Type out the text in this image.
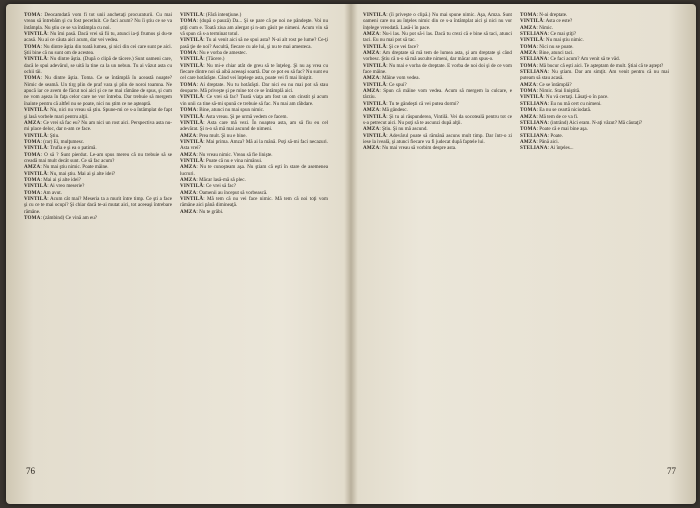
TOMA: Deocamdată vom fi tot unii anchetaţi procuraturii. Cu mai vreau să întrebăm şi cu fost pecetluit. Ce faci acum? Nu îi ştiu ce se va întâmpla. Nu ştiu ce se va întâmpla cu noi.

VINTILĂ: Nu îmi pasă. Dacă vrei să fii tu, atunci ia-ţi frumos şi du-te acasă. Nu ai ce căuta aici acum, dar vei vedea.

TOMA: Nu dintre ăştia din toată lumea, şi nici din cei care sunt pe aici. Ştii bine că nu sunt om de acestea.

VINTILĂ: Nu dintre ăştia. (După o clipă de tăcere.) Sunt oameni care, dacă le spui adevărul, se uită la tine ca la un nebun. Tu ai văzut asta cu ochii tăi.

TOMA: Nu dintre ăştia. Toma. Ce se întâmplă în această noapte? Nimic de seamă. Un tirg plin de praf vara şi plin de noroi toamna. Ne apucă iar ce avem de făcut noi aici şi ce ne mai rămâne de spus, şi cum ne vom aşeza în faţa celor care ne vor întreba. Dar trebuie să mergem înainte pentru că altfel nu se poate, nici nu ştim ce ne aşteaptă.

VINTILĂ: Nu, nici nu vreau să ştiu. Spune-mi ce s-a întâmplat de fapt şi lasă vorbele mari pentru alţii.

AMZA: Ce vrei să fac eu? Nu am nici un rost aici. Perspectiva asta nu-mi place deloc, dar n-am ce face.

VINTILĂ: Ştiu.

TOMA: (rar) Ei, mulţumesc.

VINTILĂ: Trufia e şi ea o patimă.

TOMA: O să ? Sunt pierdut. Le-am spus mereu că nu trebuie să se creadă mai mult decât sunt. Ce să fac acum?

AMZA: Nu mai ştiu nimic. Poate mâine.

VINTILĂ: Nu, mai ştiu. Mai ai şi alte idei?

TOMA: Mai ai şi alte idei?

VINTILĂ: Ai vreo meserie?

TOMA: Am avut.

VINTILĂ: Acum cât mai? Meseria ta a murit între timp. Ce şti a face şi cu ce te mai ocupi? Şi chiar dacă te-ai mutat aici, tot aceeaşi întrebare rămâne.

TOMA: (zâmbind) Ce vină am eu?

VINTILĂ: (Fără intenţiune.)

TOMA: (după o pauză) Da... Şi se pare că pe noi ne pândeşte. Voi nu ştiţi cum e. Toată ziua am alergat şi n-am găsit pe nimeni. Acum vin să vă spun că s-a terminat totul.

VINTILĂ: Tu ai venit aici să ne spui asta? N-ai alt rost pe lume? Ce-ţi pasă ţie de noi? Ascultă, fiecare cu ale lui, şi nu te mai amesteca.

TOMA: Nu e vorba de amestec.

VINTILĂ: (Tăcere.)

VINTILĂ: Nu mi-e chiar atât de greu să te înţeleg. Şi nu aş vrea cu fiecare dintre noi să aibă aceeaşi soartă. Dar ce pot eu să fac? Nu sunt eu cel care hotărăşte. Când vei înţelege asta, poate vei fi mai liniştit.

TOMA: Ai dreptate. Nu tu hotărăşti. Dar nici eu nu mai pot să stau deoparte. Mă priveşte şi pe mine tot ce se întâmplă aici.

VINTILĂ: Ce vrei să fac? Toată viaţa am fost un om cinstit şi acum vin unii ca tine să-mi spună ce trebuie să fac. Nu mai am răbdare.

TOMA: Bine, atunci nu mai spun nimic.

VINTILĂ: Asta vreau. Şi pe urmă vedem ce facem.

VINTILĂ: Asta care mă vezi. În noaptea asta, am să fiu eu cel adevărat. Şi n-o să mă mai ascund de nimeni.

AMZA: Prea mult. Şi nu e bine.

VINTILĂ: Mai prima. Amza? Mă ai la mână. Poţi să-mi faci necazuri. Asta vrei?

AMZA: Nu vreau nimic. Vreau să fie linişte.

VINTILĂ: Poate că nu e vina nimănui.

AMZA: Nu te cunoşteam aşa. Nu ştiam că eşti în stare de asemenea lucruri.

AMZA: Măcar lasă-mă să plec.

VINTILĂ: Ce vrei să fac?

AMZA: Oamenii au început să vorbească.

VINTILĂ: Mă tem că nu vei face nimic. Mă tem că noi toţi vom rămâne aici până dimineaţă.

AMZA: Nu te grăbi.

76

VINTILĂ: (îi priveşte o clipă.) Nu mai spune nimic. Aşa, Amza. Sunt oameni care nu au înţeles nimic din ce s-a întâmplat aici şi nici nu vor înţelege vreodată. Lasă-i în pace.

AMZA: Nu-i las. Nu pot să-i las. Dacă tu crezi că e bine să taci, atunci taci. Eu nu mai pot să tac.

VINTILĂ: Şi ce vei face?

AMZA: Am dreptate să mă tem de lumea asta, şi am dreptate şi când vorbesc. Ştiu că n-o să mă asculte nimeni, dar măcar am spus-o.

VINTILĂ: Nu mai e vorba de dreptate. E vorba de noi doi şi de ce vom face mâine.

AMZA: Mâine vom vedea.

VINTILĂ: Ce spui?

AMZA: Spun că mâine vom vedea. Acum să mergem la culcare, e târziu.

VINTILĂ: Tu te gândeşti că vei putea dormi?

AMZA: Mă gândesc.

VINTILĂ: Şi tu ai răspunderea, Vintilă. Vei da socoteală pentru tot ce s-a petrecut aici. Nu poţi să te ascunzi după alţii.

AMZA: Ştiu. Şi nu mă ascund.

VINTILĂ: Adevărul poate să rămână ascuns mult timp. Dar într-o zi iese la iveală, şi atunci fiecare va fi judecat după faptele lui.

AMZA: Nu mai vreau să vorbim despre asta.

TOMA: N-ai dreptate.

VINTILĂ: Asta ce este?

AMZA: Nimic.

STELIANA: Ce mai ştiţi?

VINTILĂ: Nu mai ştiu nimic.

TOMA: Nici nu se poate.

AMZA: Bine, atunci taci.

STELIANA: Ce faci acum? Am venit să te văd.

TOMA: Mă bucur că eşti aici. Te aşteptam de mult. Ştiai că te aştept?

STELIANA: Nu ştiam. Dar am simţit. Am venit pentru că nu mai puteam să stau acasă.

AMZA: Ce se întâmplă?

TOMA: Nimic. Stai liniştită.

VINTILĂ: Nu vă certaţi. Lăsaţi-o în pace.

STELIANA: Eu nu mă cert cu nimeni.

TOMA: Ea nu se ceartă niciodată.

AMZA: Mă tem de ce va fi.

STELIANA: (intrând) Aici eram. N-aţi văzut? Mă căutaţi?

TOMA: Poate că e mai bine aşa.

STELIANA: Poate.

AMZA: Până aici.

STELIANA: Ai înţeles...

77
